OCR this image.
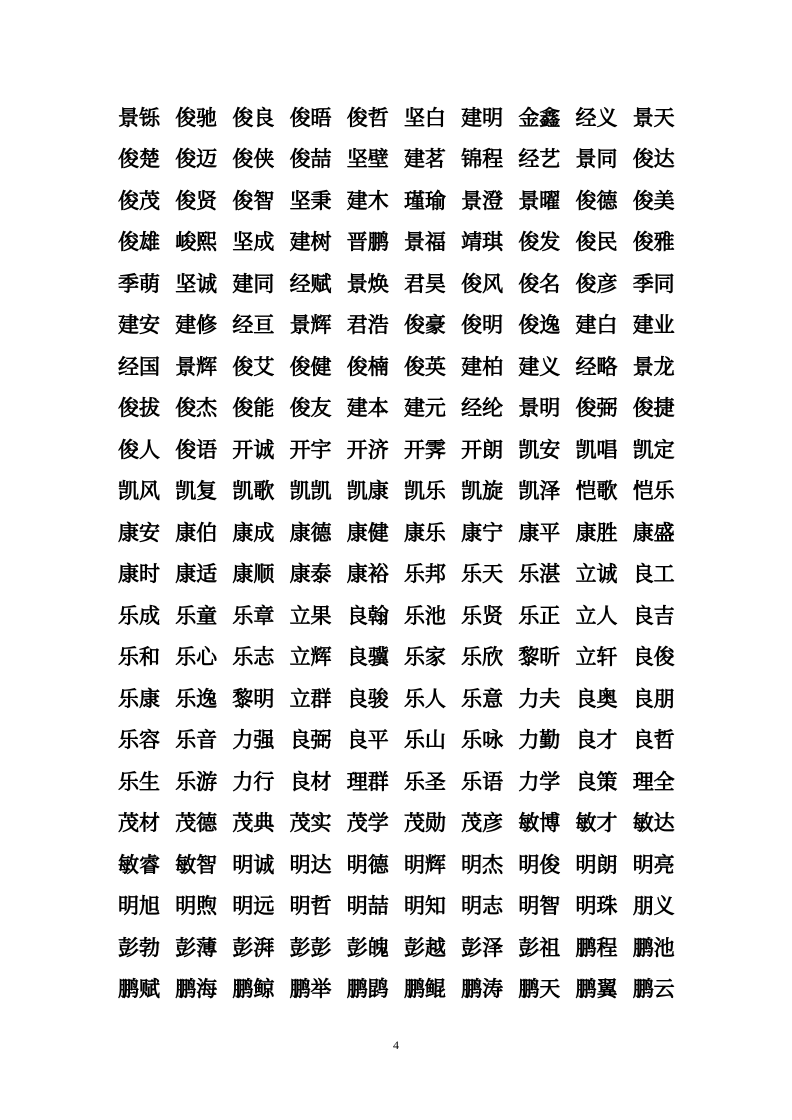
景铄 俊驰 俊良 俊晤 俊哲 坚白 建明 金鑫 经义 景天
俊楚 俊迈 俊侠 俊喆 坚壁 建茗 锦程 经艺 景同 俊达
俊茂 俊贤 俊智 坚秉 建木 瑾瑜 景澄 景曜 俊德 俊美
俊雄 峻熙 坚成 建树 晋鹏 景福 靖琪 俊发 俊民 俊雅
季萌 坚诚 建同 经赋 景焕 君昊 俊风 俊名 俊彦 季同
建安 建修 经亘 景辉 君浩 俊豪 俊明 俊逸 建白 建业
经国 景辉 俊艾 俊健 俊楠 俊英 建柏 建义 经略 景龙
俊拔 俊杰 俊能 俊友 建本 建元 经纶 景明 俊弼 俊捷
俊人 俊语 开诚 开宇 开济 开霁 开朗 凯安 凯唱 凯定
凯风 凯复 凯歌 凯凯 凯康 凯乐 凯旋 凯泽 恺歌 恺乐
康安 康伯 康成 康德 康健 康乐 康宁 康平 康胜 康盛
康时 康适 康顺 康泰 康裕 乐邦 乐天 乐湛 立诚 良工
乐成 乐童 乐章 立果 良翰 乐池 乐贤 乐正 立人 良吉
乐和 乐心 乐志 立辉 良骥 乐家 乐欣 黎昕 立轩 良俊
乐康 乐逸 黎明 立群 良骏 乐人 乐意 力夫 良奥 良朋
乐容 乐音 力强 良弼 良平 乐山 乐咏 力勤 良才 良哲
乐生 乐游 力行 良材 理群 乐圣 乐语 力学 良策 理全
茂材 茂德 茂典 茂实 茂学 茂勋 茂彦 敏博 敏才 敏达
敏睿 敏智 明诚 明达 明德 明辉 明杰 明俊 明朗 明亮
明旭 明煦 明远 明哲 明喆 明知 明志 明智 明珠 朋义
彭勃 彭薄 彭湃 彭彭 彭魄 彭越 彭泽 彭祖 鹏程 鹏池
鹏赋 鹏海 鹏鲸 鹏举 鹏鹍 鹏鲲 鹏涛 鹏天 鹏翼 鹏云
4
